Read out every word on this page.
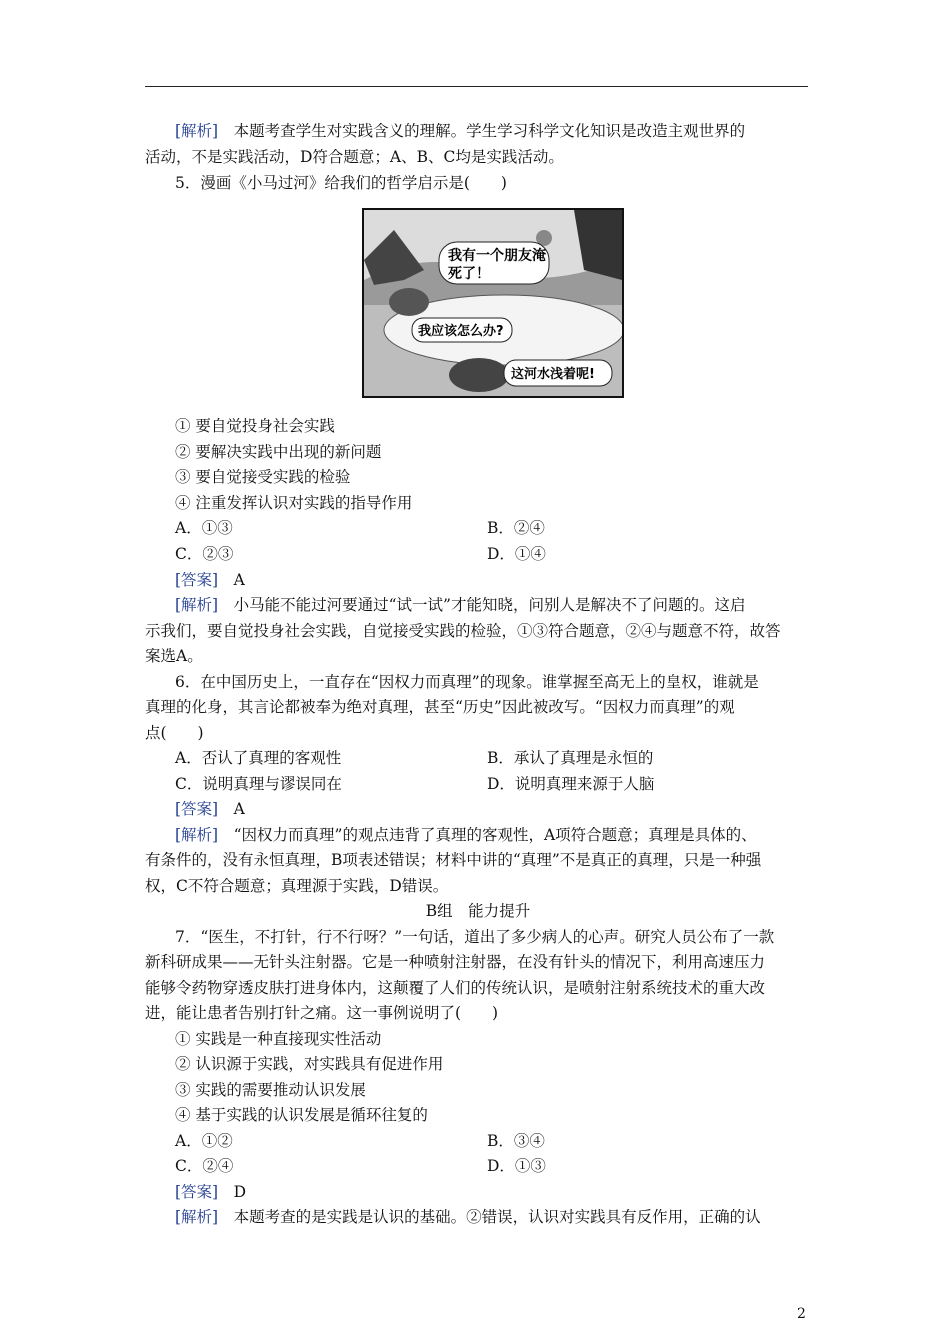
[解析]　 本题考查学生对实践含义的理解。学生学习科学文化知识是改造主观世界的
活动，不是实践活动，D符合题意；A、B、C均是实践活动。
5．漫画《小马过河》给我们的哲学启示是(　　)
我有一个朋友淹
死了！
我应该怎么办?
这河水浅着呢!
① 要自觉投身社会实践
② 要解决实践中出现的新问题
③ 要自觉接受实践的检验
④ 注重发挥认识对实践的指导作用
A．①③	B．②④
C．②③	D．①④
[答案]　 A
[解析]　 小马能不能过河要通过“试一试”才能知晓，问别人是解决不了问题的。这启
示我们，要自觉投身社会实践，自觉接受实践的检验，①③符合题意，②④与题意不符，故答
案选A。
6．在中国历史上，一直存在“因权力而真理”的现象。谁掌握至高无上的皇权，谁就是
真理的化身，其言论都被奉为绝对真理，甚至“历史”因此被改写。“因权力而真理”的观
点(　　)
A．否认了真理的客观性	B．承认了真理是永恒的
C．说明真理与谬误同在	D．说明真理来源于人脑
[答案]　 A
[解析]　 “因权力而真理”的观点违背了真理的客观性，A项符合题意；真理是具体的、
有条件的，没有永恒真理，B项表述错误；材料中讲的“真理”不是真正的真理，只是一种强
权，C不符合题意；真理源于实践，D错误。
B组　能力提升
7．“医生，不打针，行不行呀？”一句话，道出了多少病人的心声。研究人员公布了一款
新科研成果——无针头注射器。它是一种喷射注射器，在没有针头的情况下，利用高速压力
能够令药物穿透皮肤打进身体内，这颠覆了人们的传统认识，是喷射注射系统技术的重大改
进，能让患者告别打针之痛。这一事例说明了(　　)
① 实践是一种直接现实性活动
② 认识源于实践，对实践具有促进作用
③ 实践的需要推动认识发展
④ 基于实践的认识发展是循环往复的
A．①②	B．③④
C．②④	D．①③
[答案]　 D
[解析]　 本题考查的是实践是认识的基础。②错误，认识对实践具有反作用，正确的认
2
